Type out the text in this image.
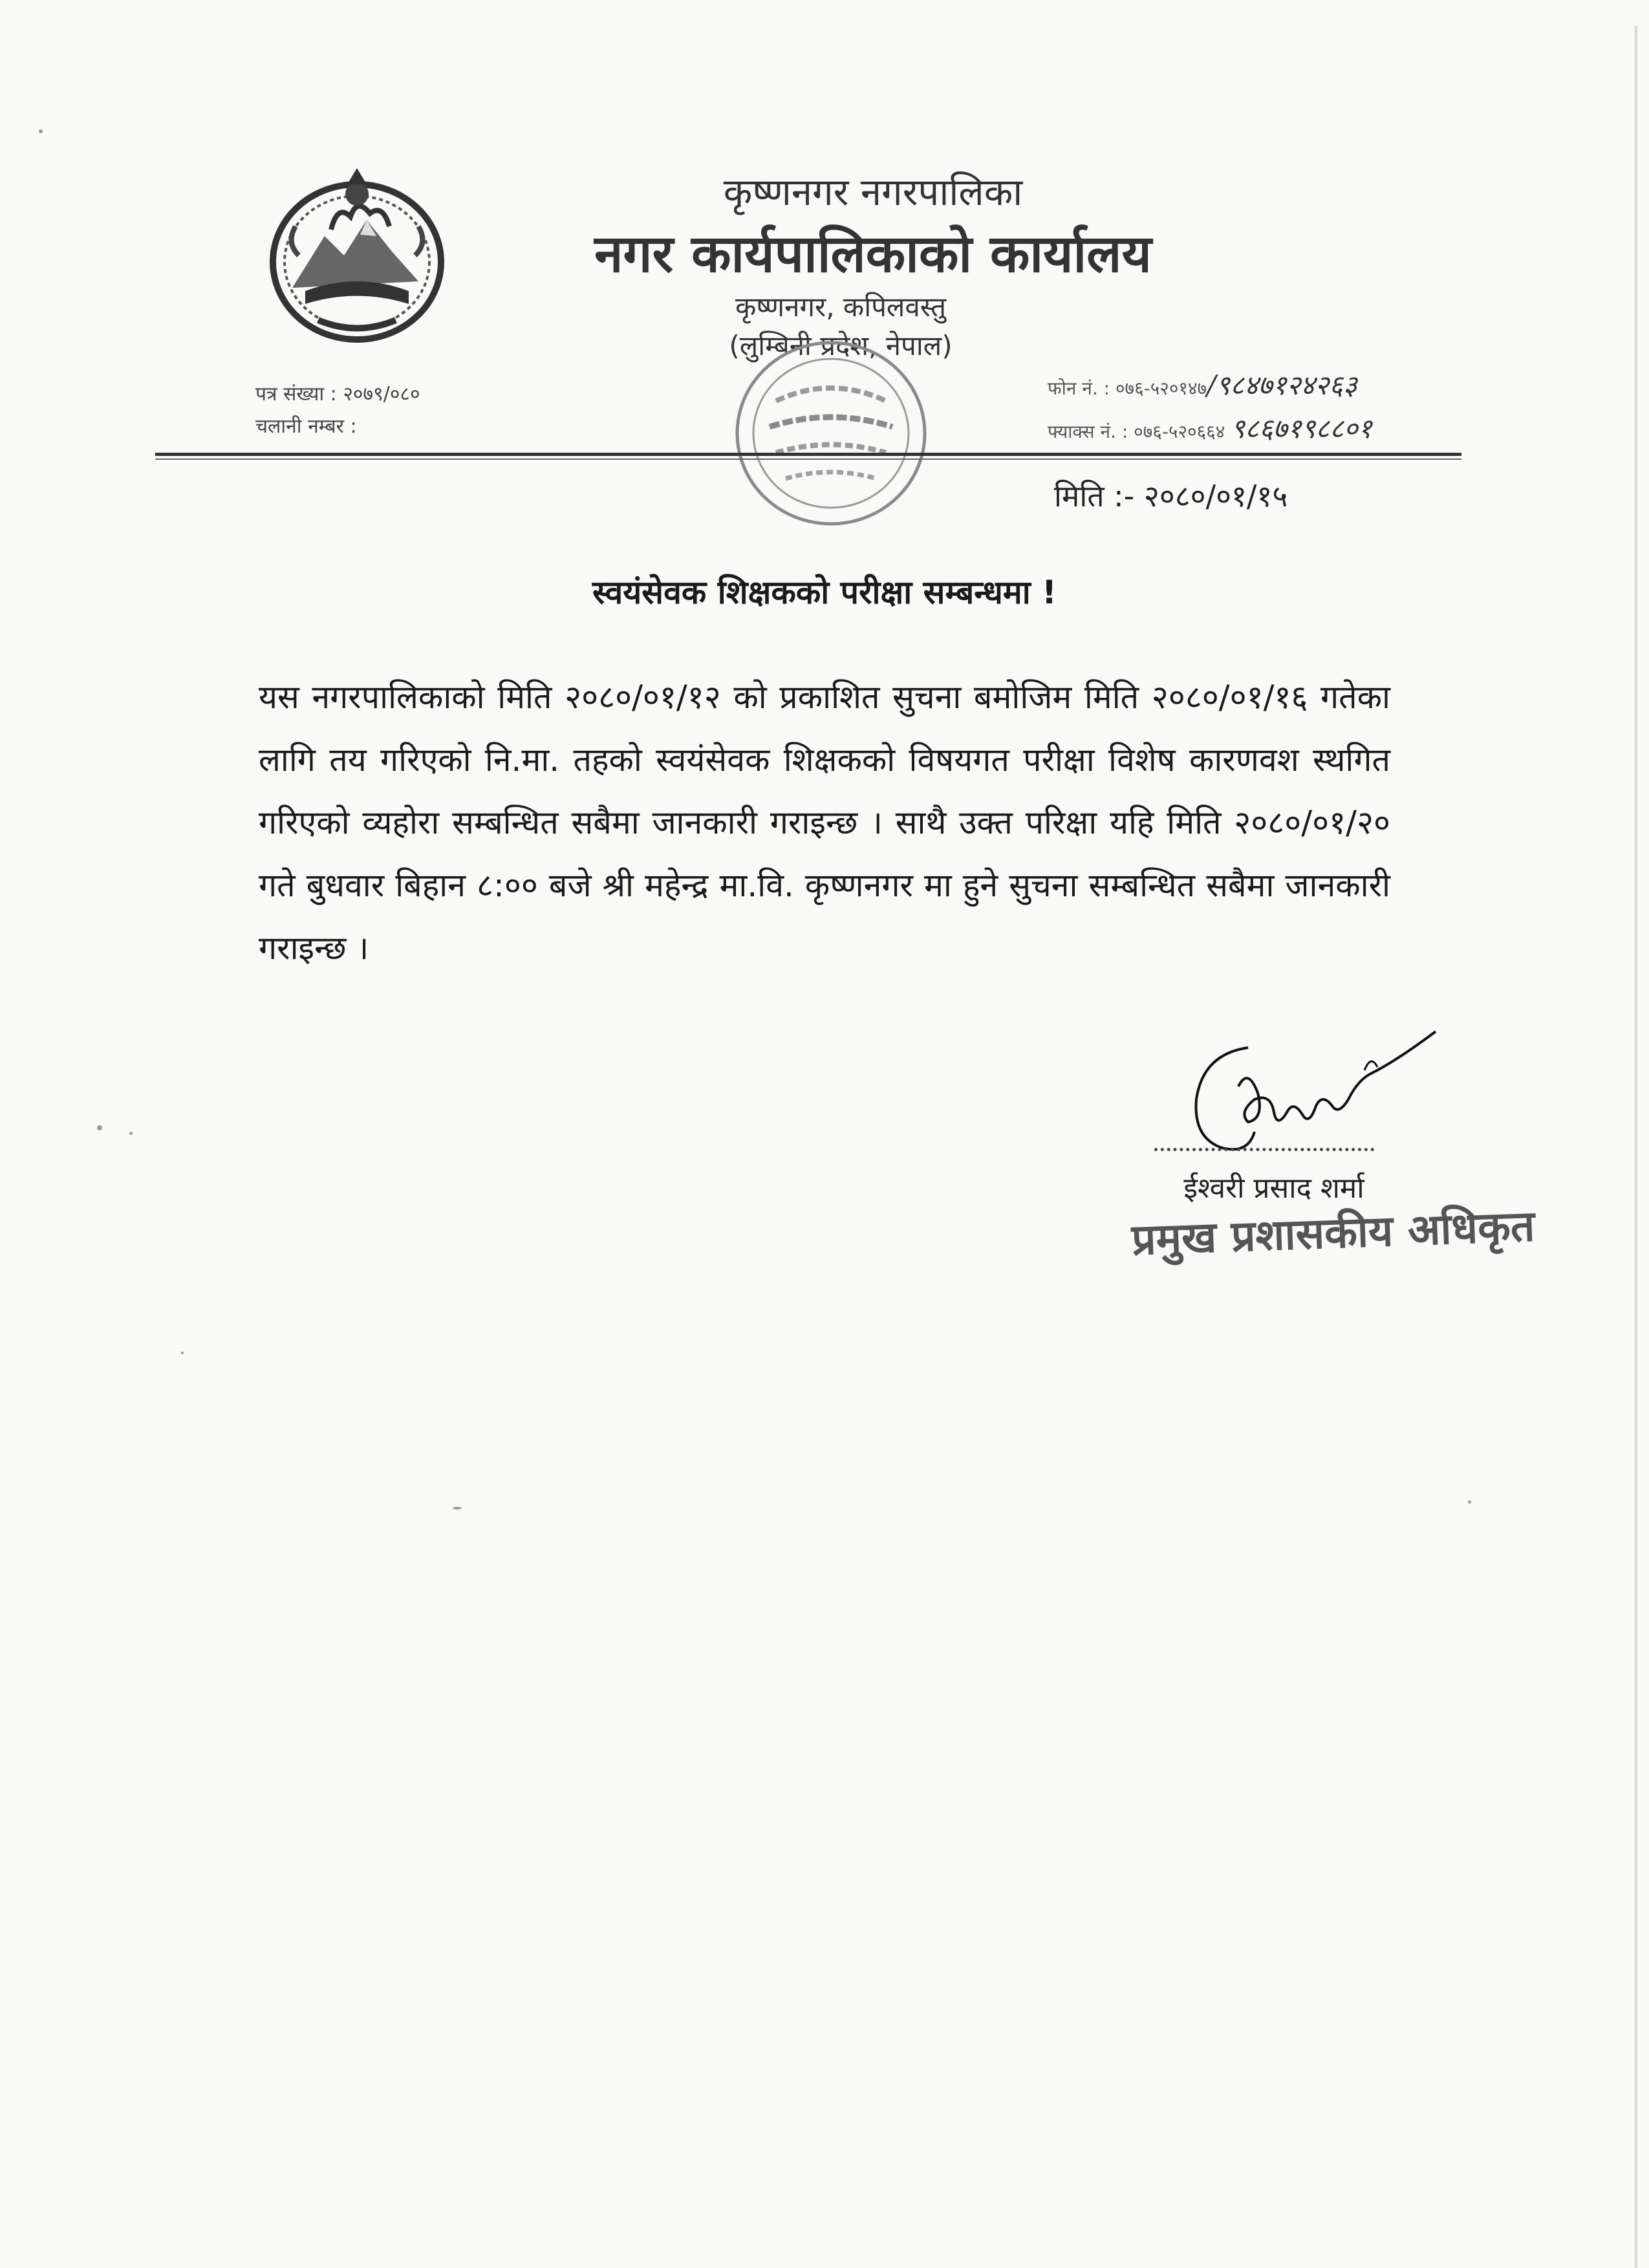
कृष्णनगर नगरपालिका
नगर कार्यपालिकाको कार्यालय
कृष्णनगर, कपिलवस्तु
(लुम्बिनी प्रदेश, नेपाल)
पत्र संख्या : २०७९/०८०
चलानी नम्बर :
फोन नं. : ०७६-५२०१४७/९८४७१२४२६३
फ्याक्स नं. : ०७६-५२०६६४ ९८६७१९८८०१
मिति :- २०८०/०१/१५
स्वयंसेवक शिक्षकको परीक्षा सम्बन्धमा !
यस नगरपालिकाको मिति २०८०/०१/१२ को प्रकाशित सुचना बमोजिम मिति २०८०/०१/१६ गतेका लागि तय गरिएको नि.मा. तहको स्वयंसेवक शिक्षकको विषयगत परीक्षा विशेष कारणवश स्थगित गरिएको व्यहोरा सम्बन्धित सबैमा जानकारी गराइन्छ । साथै उक्त परिक्षा यहि मिति २०८०/०१/२० गते बुधवार बिहान ८:०० बजे श्री महेन्द्र मा.वि. कृष्णनगर मा हुने सुचना सम्बन्धित सबैमा जानकारी गराइन्छ ।
ईश्वरी प्रसाद शर्मा
प्रमुख प्रशासकीय अधिकृत
